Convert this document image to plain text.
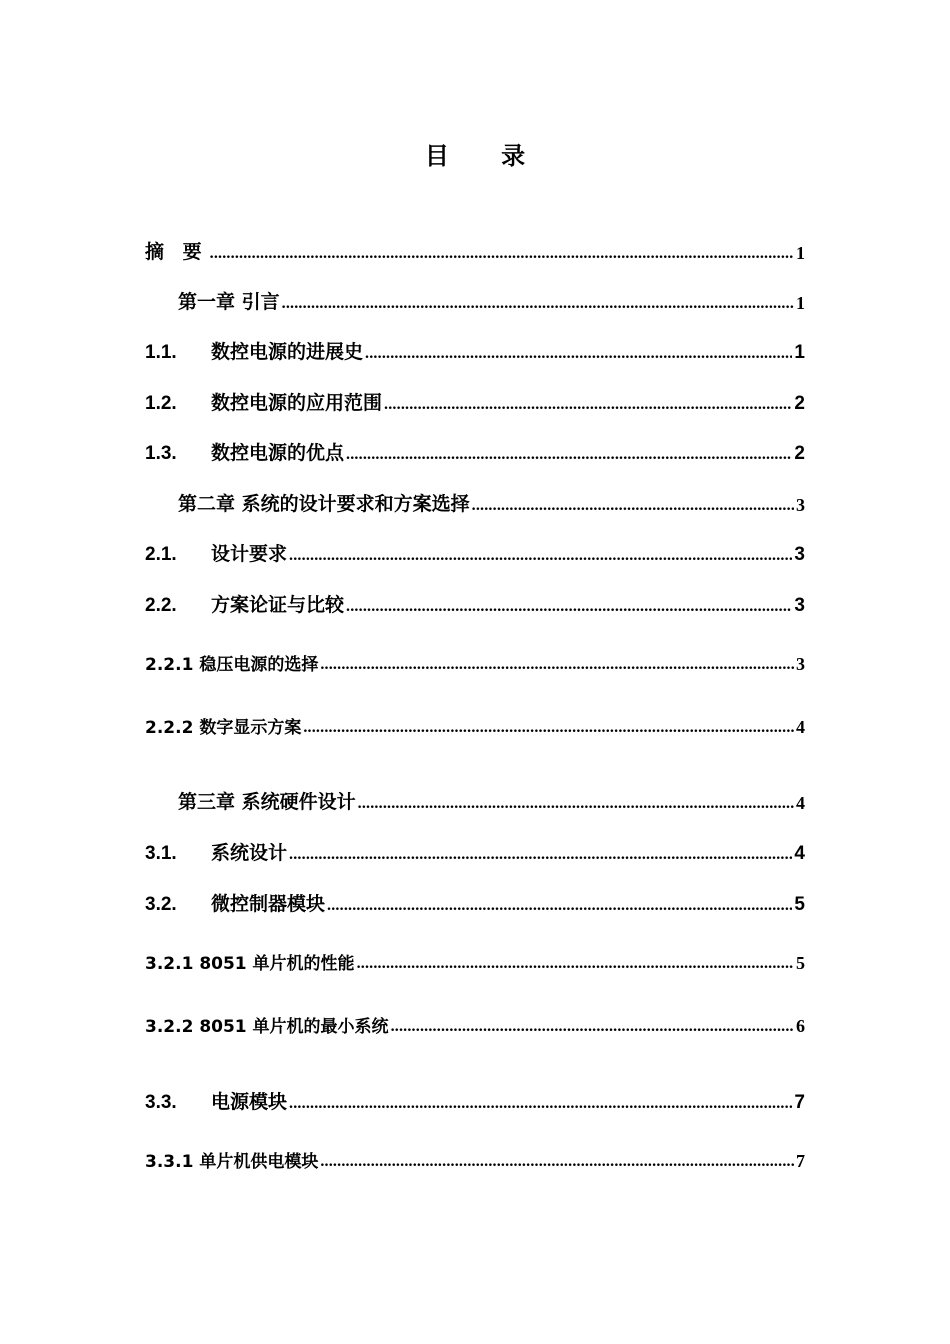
目 录
摘 要 .....	1
第一章 引言 .....	1
1.1.	数控电源的进展史 .....	1
1.2.	数控电源的应用范围 .....	2
1.3.	数控电源的优点 .....	2
第二章 系统的设计要求和方案选择 .....	3
2.1.	设计要求 .....	3
2.2.	方案论证与比较 .....	3
2.2.1 稳压电源的选择 .....	3
2.2.2 数字显示方案 .....	4
第三章 系统硬件设计 .....	4
3.1.	系统设计 .....	4
3.2.	微控制器模块 .....	5
3.2.1 8051 单片机的性能 .....	5
3.2.2 8051 单片机的最小系统 .....	6
3.3.	电源模块 .....	7
3.3.1 单片机供电模块 .....	7
